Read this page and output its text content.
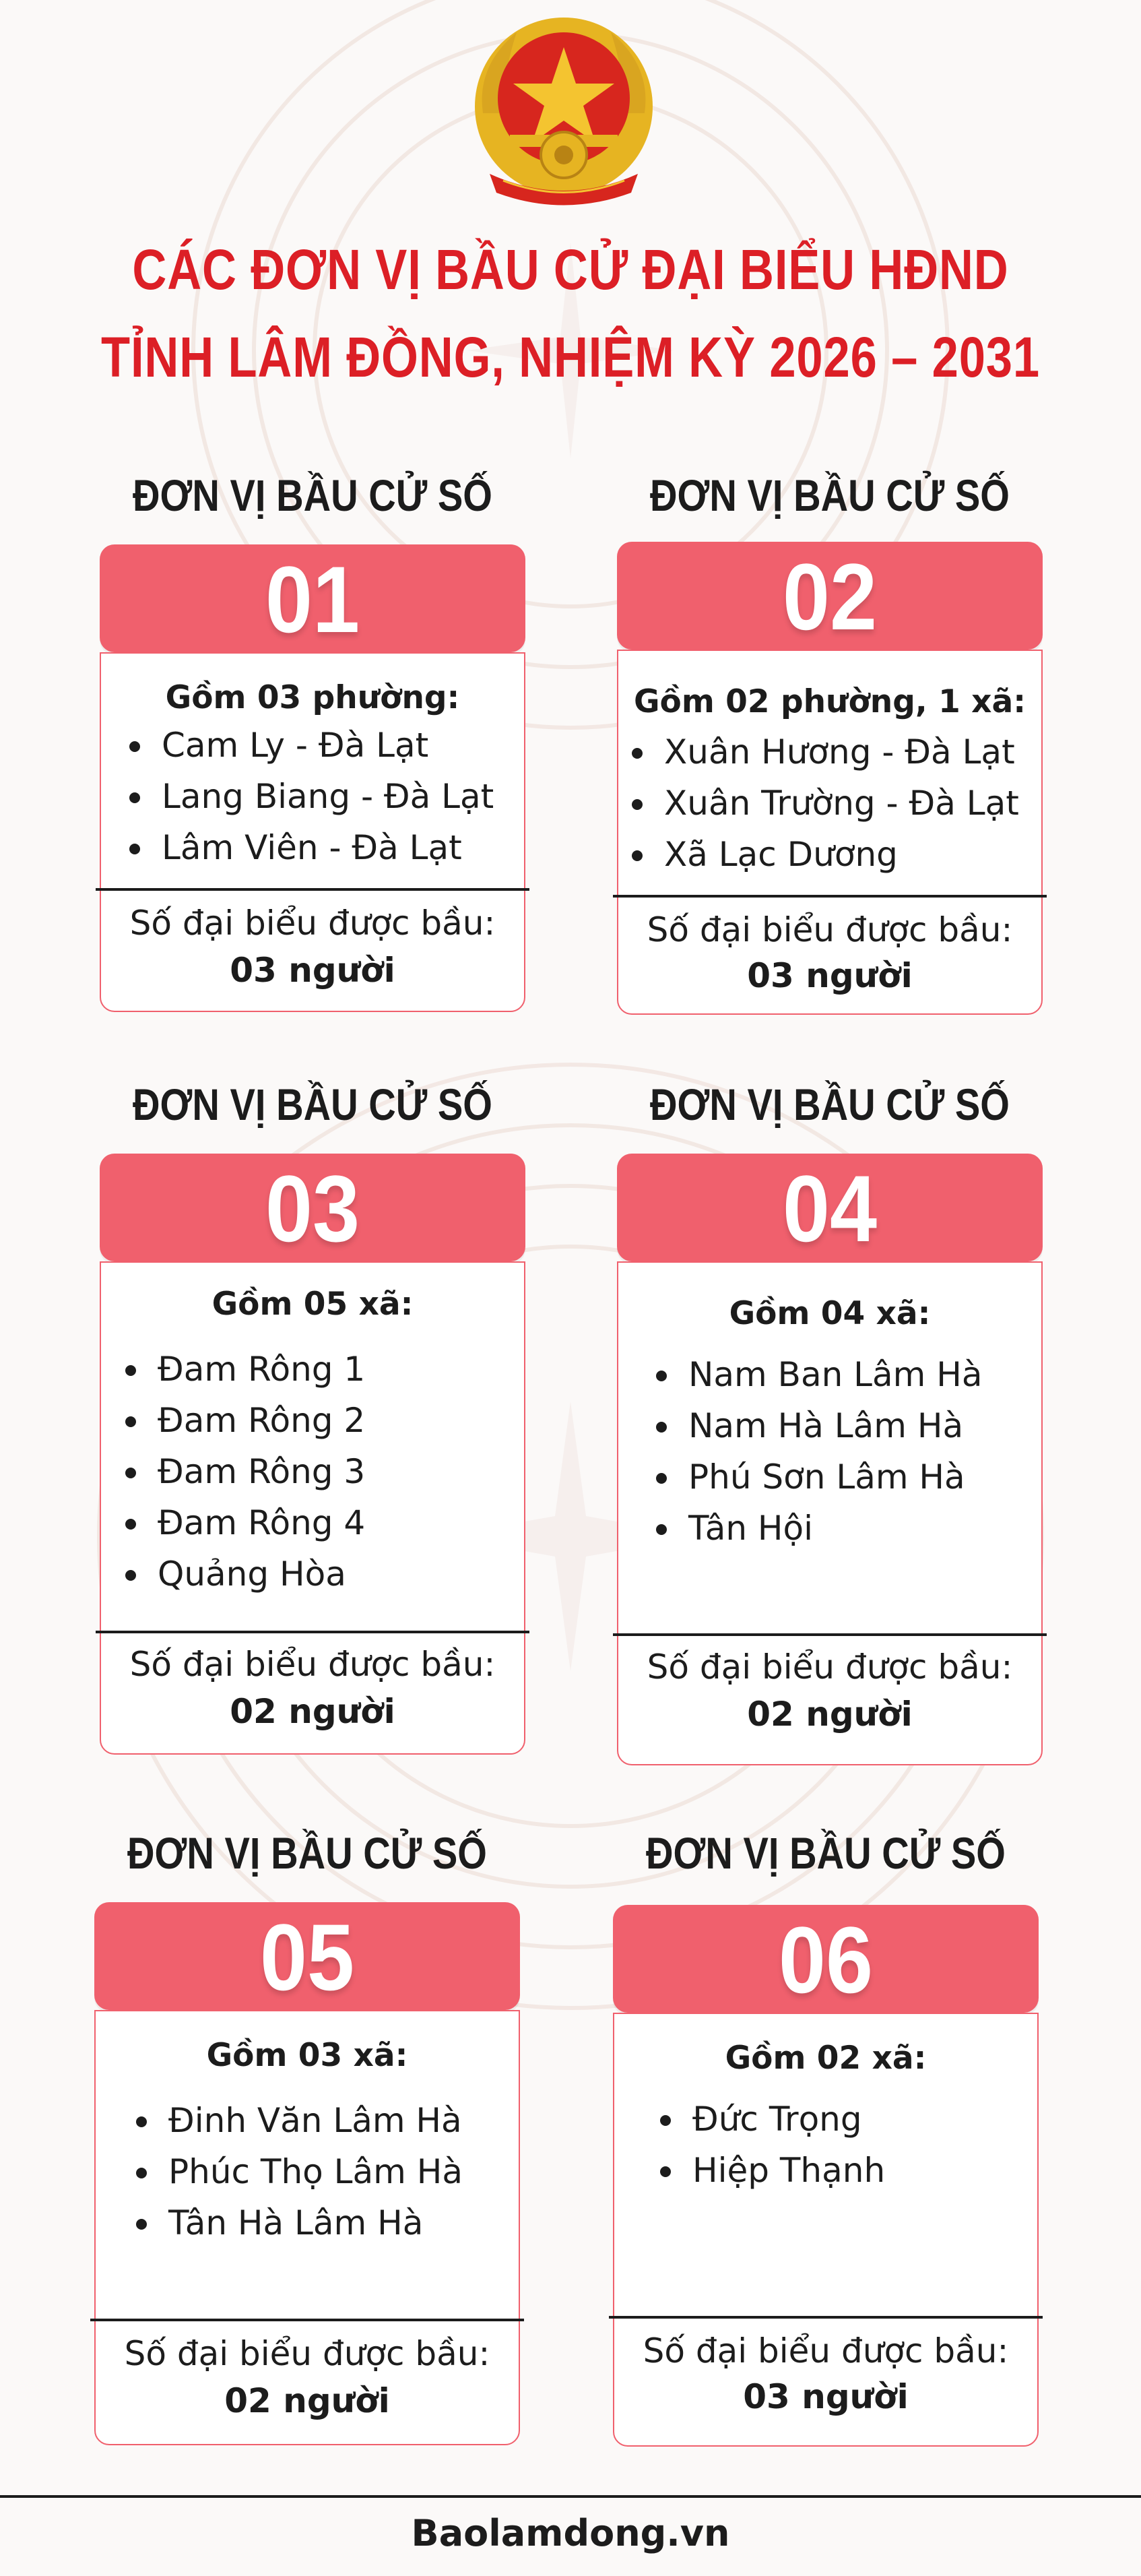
CÁC ĐƠN VỊ BẦU CỬ ĐẠI BIỂU HĐND
TỈNH LÂM ĐỒNG, NHIỆM KỲ 2026 – 2031
ĐƠN VỊ BẦU CỬ SỐ
01
Gồm 03 phường:
Cam Ly - Đà Lạt
Lang Biang - Đà Lạt
Lâm Viên - Đà Lạt
Số đại biểu được bầu:
03 người
ĐƠN VỊ BẦU CỬ SỐ
02
Gồm 02 phường, 1 xã:
Xuân Hương - Đà Lạt
Xuân Trường - Đà Lạt
Xã Lạc Dương
Số đại biểu được bầu:
03 người
ĐƠN VỊ BẦU CỬ SỐ
03
Gồm 05 xã:
Đam Rông 1
Đam Rông 2
Đam Rông 3
Đam Rông 4
Quảng Hòa
Số đại biểu được bầu:
02 người
ĐƠN VỊ BẦU CỬ SỐ
04
Gồm 04 xã:
Nam Ban Lâm Hà
Nam Hà Lâm Hà
Phú Sơn Lâm Hà
Tân Hội
Số đại biểu được bầu:
02 người
ĐƠN VỊ BẦU CỬ SỐ
05
Gồm 03 xã:
Đinh Văn Lâm Hà
Phúc Thọ Lâm Hà
Tân Hà Lâm Hà
Số đại biểu được bầu:
02 người
ĐƠN VỊ BẦU CỬ SỐ
06
Gồm 02 xã:
Đức Trọng
Hiệp Thạnh
Số đại biểu được bầu:
03 người
Baolamdong.vn
